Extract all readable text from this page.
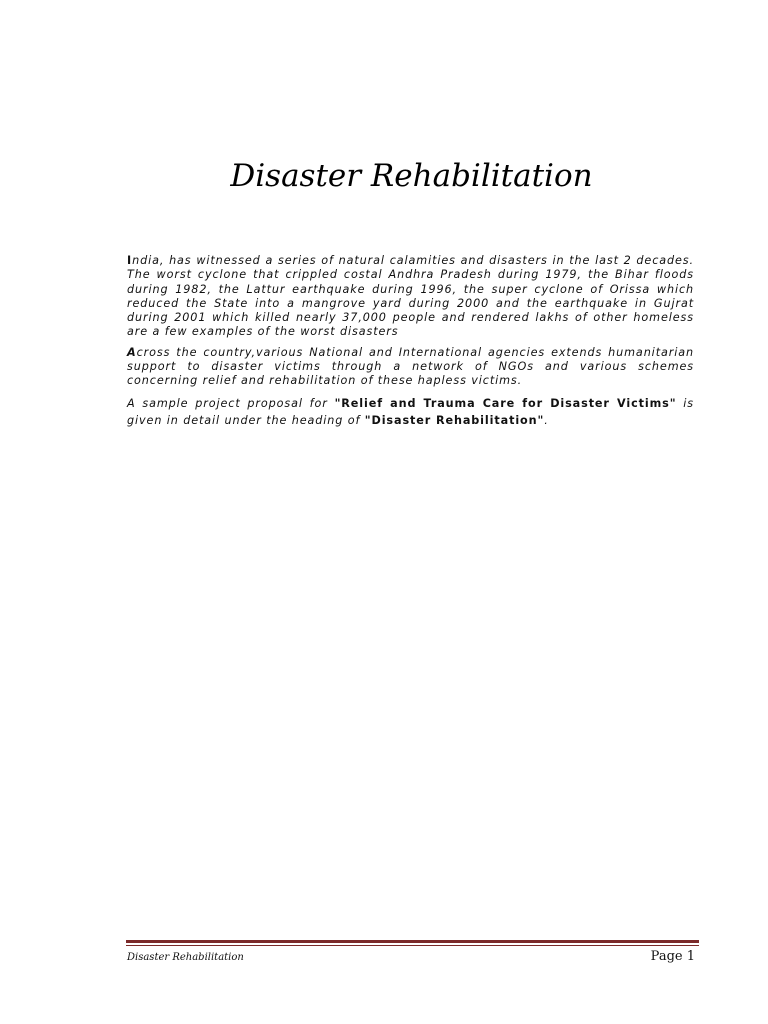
Disaster Rehabilitation

India, has witnessed a series of natural calamities and disasters in the last 2 decades. The worst cyclone that crippled costal Andhra Pradesh during 1979, the Bihar floods during 1982, the Lattur earthquake during 1996, the super cyclone of Orissa which reduced the State into a mangrove yard during 2000 and the earthquake in Gujrat during 2001 which killed nearly 37,000 people and rendered lakhs of other homeless are a few examples of the worst disasters

Across the country,various National and International agencies extends humanitarian support to disaster victims through a network of NGOs and various schemes concerning relief and rehabilitation of these hapless victims.

A sample project proposal for "Relief and Trauma Care for Disaster Victims" is given in detail under the heading of "Disaster Rehabilitation".

Disaster Rehabilitation	Page 1
